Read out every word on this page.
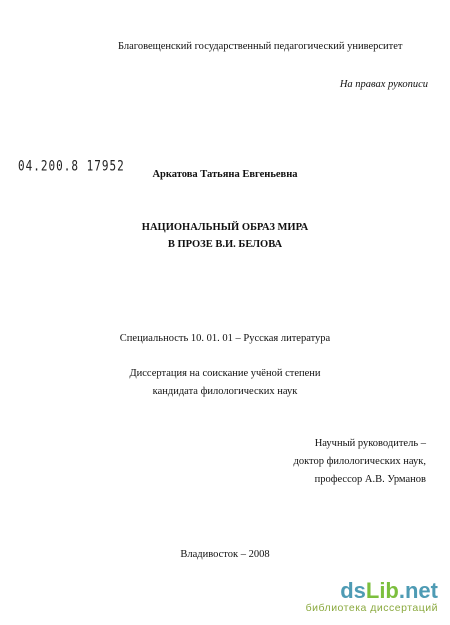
Благовещенский государственный педагогический университет
На правах рукописи
04.200.8 17952
Аркатова Татьяна Евгеньевна
НАЦИОНАЛЬНЫЙ ОБРАЗ МИРА
В ПРОЗЕ В.И. БЕЛОВА
Специальность 10. 01. 01 – Русская литература
Диссертация на соискание учёной степени
кандидата филологических наук
Научный руководитель –
доктор филологических наук,
профессор А.В. Урманов
Владивосток – 2008
dsLib.net
библиотека диссертаций
